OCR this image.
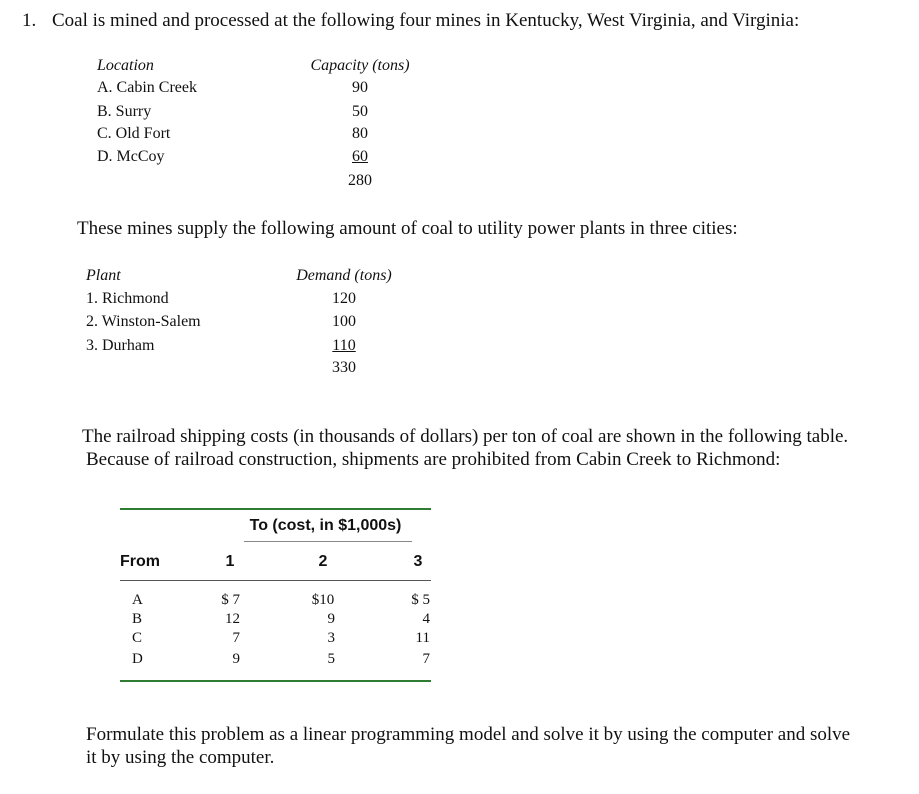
1. Coal is mined and processed at the following four mines in Kentucky, West Virginia, and Virginia:
Location	Capacity (tons)
A. Cabin Creek	90
B. Surry	50
C. Old Fort	80
D. McCoy	60
280
These mines supply the following amount of coal to utility power plants in three cities:
Plant	Demand (tons)
1. Richmond	120
2. Winston-Salem	100
3. Durham	110
330
The railroad shipping costs (in thousands of dollars) per ton of coal are shown in the following table.
Because of railroad construction, shipments are prohibited from Cabin Creek to Richmond:
To (cost, in $1,000s)
From	1	2	3
A	$ 7	$10	$ 5
B	12	9	4
C	7	3	11
D	9	5	7
Formulate this problem as a linear programming model and solve it by using the computer and solve
it by using the computer.
